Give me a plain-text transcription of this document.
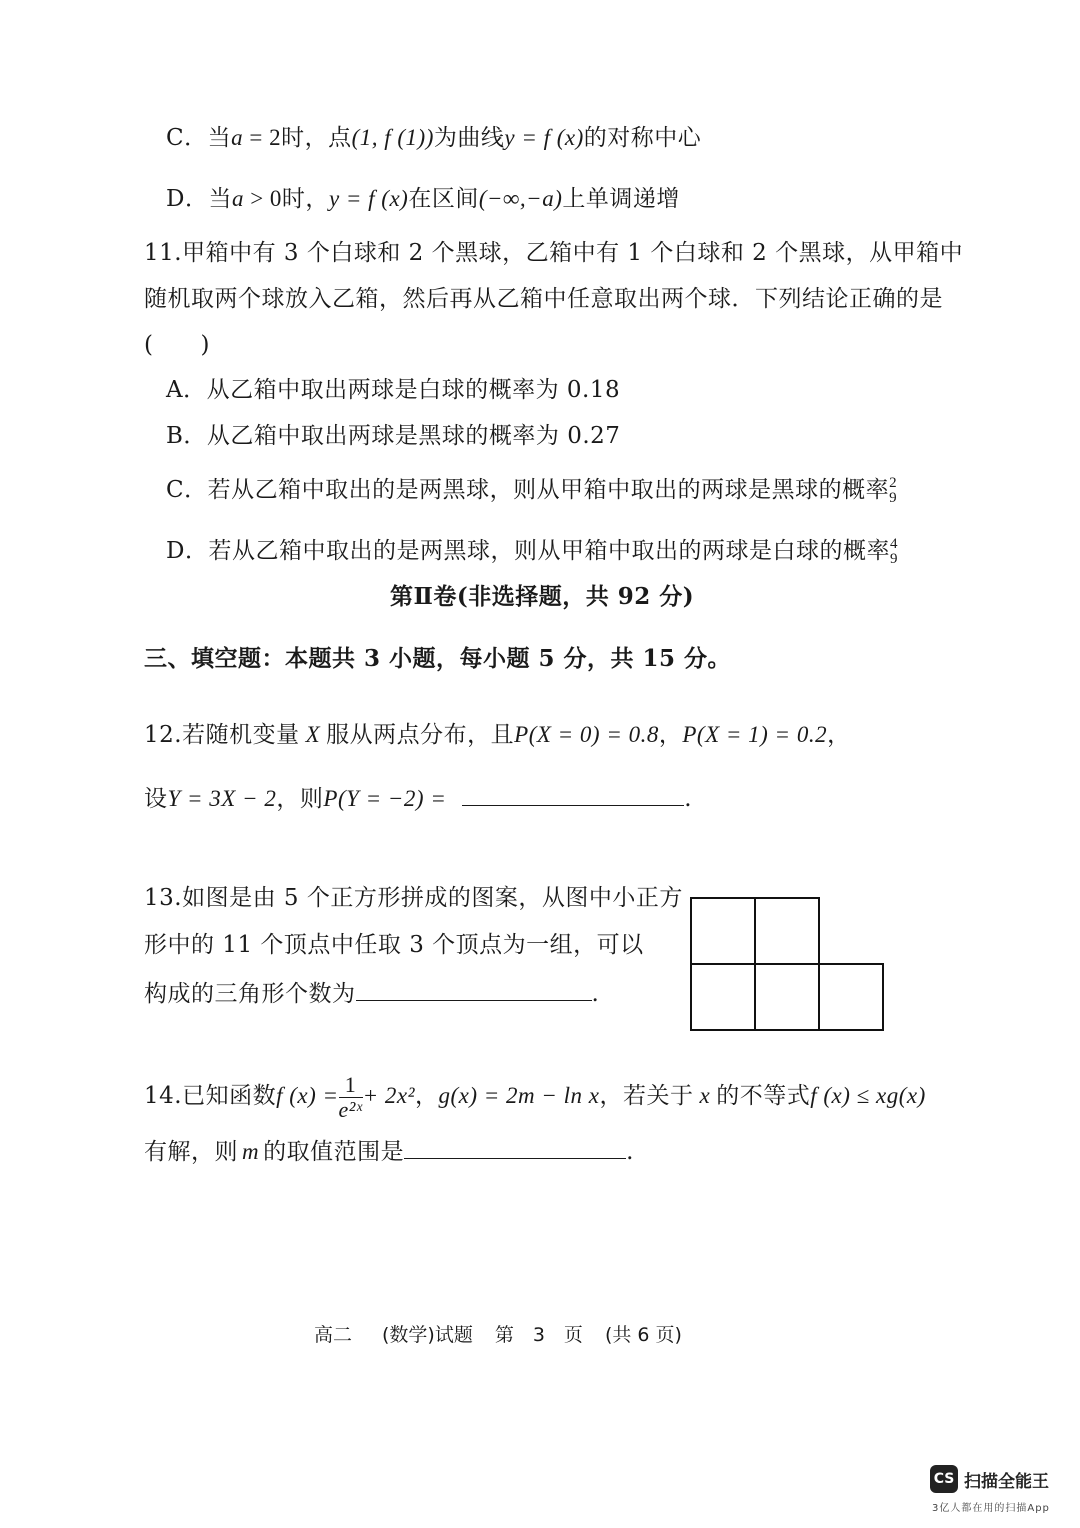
C．当a = 2时，点(1, f (1))为曲线y = f (x)的对称中心
D．当a > 0时，y = f (x)在区间(−∞,−a)上单调递增
11.甲箱中有 3 个白球和 2 个黑球，乙箱中有 1 个白球和 2 个黑球，从甲箱中
随机取两个球放入乙箱，然后再从乙箱中任意取出两个球．下列结论正确的是
(　　)
A．从乙箱中取出两球是白球的概率为 0.18
B．从乙箱中取出两球是黑球的概率为 0.27
C．若从乙箱中取出的是两黑球，则从甲箱中取出的两球是黑球的概率 2
9
D．若从乙箱中取出的是两黑球，则从甲箱中取出的两球是白球的概率 4
9
第Ⅱ卷(非选择题，共 92 分)
三、填空题：本题共 3 小题，每小题 5 分，共 15 分。
12.若随机变量 X 服从两点分布，且P(X = 0) = 0.8，P(X = 1) = 0.2，
设Y = 3X − 2，则P(Y = −2) =	.
13.如图是由 5 个正方形拼成的图案，从图中小正方
形中的 11 个顶点中任取 3 个顶点为一组，可以
构成的三角形个数为	.
14.已知函数f $(x) = \frac{1}{\text{e²ˣ}} + 2x^2$，g(x) = 2m − ln x，若关于 x 的不等式f (x) ≤ xg(x)
有解，则 m 的取值范围是	.
高二 (数学)试题 第　3　页 (共 6 页)
CS 扫描全能王
3亿人都在用的扫描App
